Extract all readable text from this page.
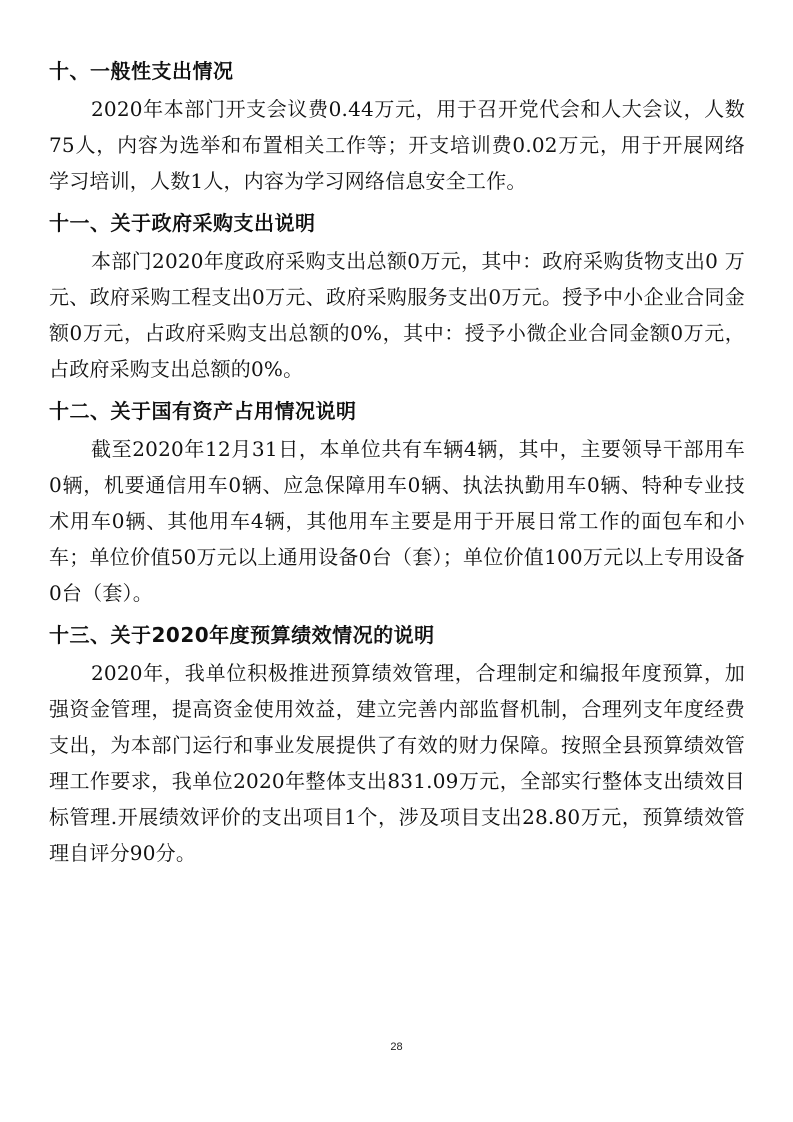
十、一般性支出情况

2020年本部门开支会议费0.44万元，用于召开党代会和人大会议，人数75人，内容为选举和布置相关工作等；开支培训费0.02万元，用于开展网络学习培训，人数1人，内容为学习网络信息安全工作。

十一、关于政府采购支出说明

本部门2020年度政府采购支出总额0万元，其中：政府采购货物支出0 万元、政府采购工程支出0万元、政府采购服务支出0万元。授予中小企业合同金额0万元，占政府采购支出总额的0%，其中：授予小微企业合同金额0万元，占政府采购支出总额的0%。

十二、关于国有资产占用情况说明

截至2020年12月31日，本单位共有车辆4辆，其中，主要领导干部用车0辆，机要通信用车0辆、应急保障用车0辆、执法执勤用车0辆、特种专业技术用车0辆、其他用车4辆，其他用车主要是用于开展日常工作的面包车和小车；单位价值50万元以上通用设备0台（套）；单位价值100万元以上专用设备0台（套）。

十三、关于2020年度预算绩效情况的说明

2020年，我单位积极推进预算绩效管理，合理制定和编报年度预算，加强资金管理，提高资金使用效益，建立完善内部监督机制，合理列支年度经费支出，为本部门运行和事业发展提供了有效的财力保障。按照全县预算绩效管理工作要求，我单位2020年整体支出831.09万元，全部实行整体支出绩效目标管理.开展绩效评价的支出项目1个，涉及项目支出28.80万元，预算绩效管理自评分90分。

28
